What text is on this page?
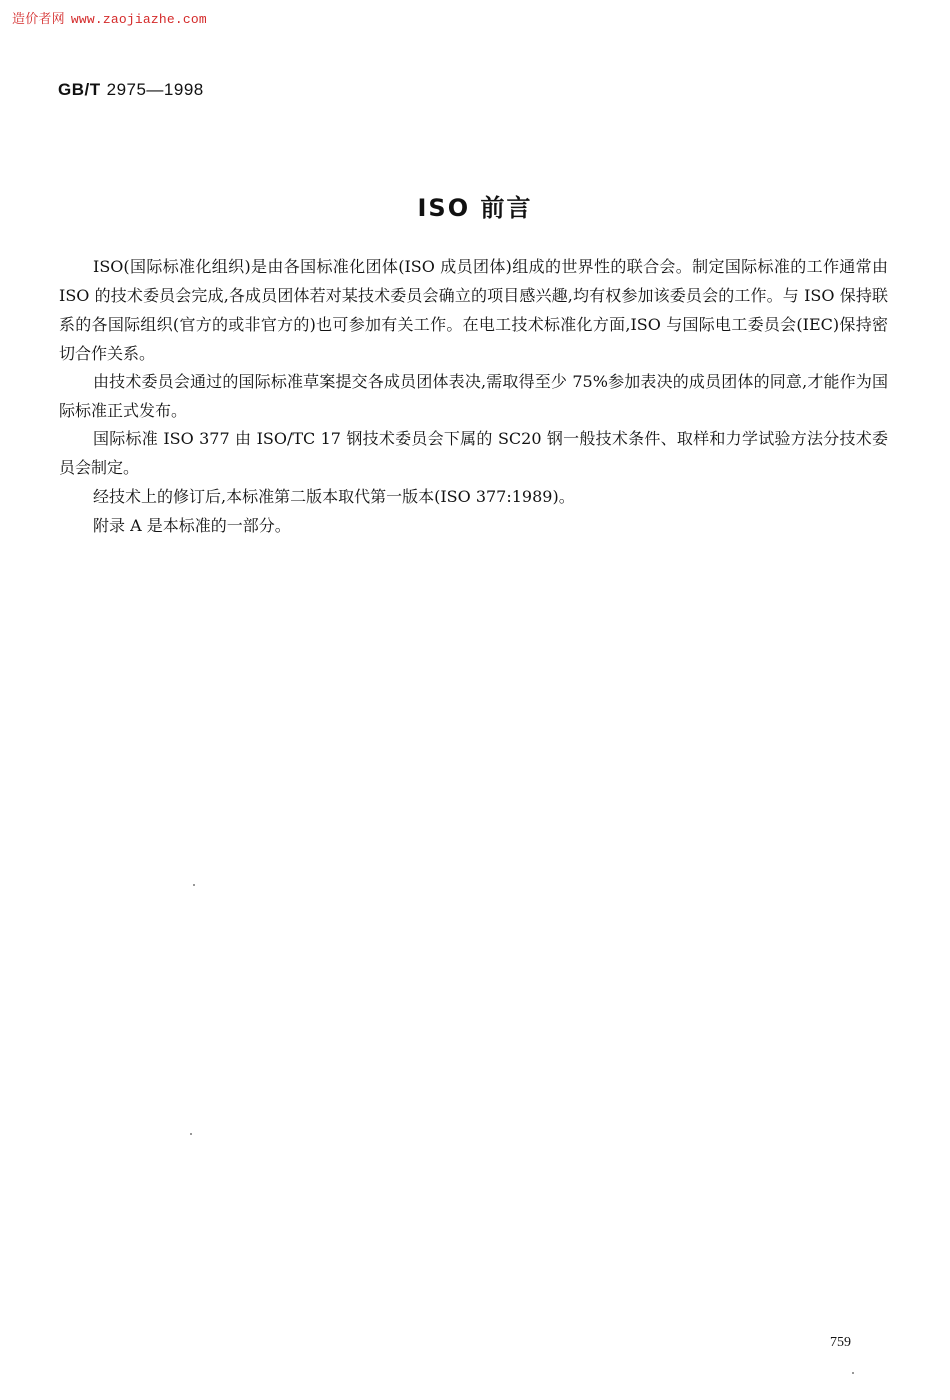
造价者网 www.zaojiazhe.com
GB/T 2975—1998
ISO 前言

ISO(国际标准化组织)是由各国标准化团体(ISO 成员团体)组成的世界性的联合会。制定国际标准的工作通常由 ISO 的技术委员会完成,各成员团体若对某技术委员会确立的项目感兴趣,均有权参加该委员会的工作。与 ISO 保持联系的各国际组织(官方的或非官方的)也可参加有关工作。在电工技术标准化方面,ISO 与国际电工委员会(IEC)保持密切合作关系。

由技术委员会通过的国际标准草案提交各成员团体表决,需取得至少 75%参加表决的成员团体的同意,才能作为国际标准正式发布。

国际标准 ISO 377 由 ISO/TC 17 钢技术委员会下属的 SC20 钢一般技术条件、取样和力学试验方法分技术委员会制定。

经技术上的修订后,本标准第二版本取代第一版本(ISO 377:1989)。

附录 A 是本标准的一部分。

759
